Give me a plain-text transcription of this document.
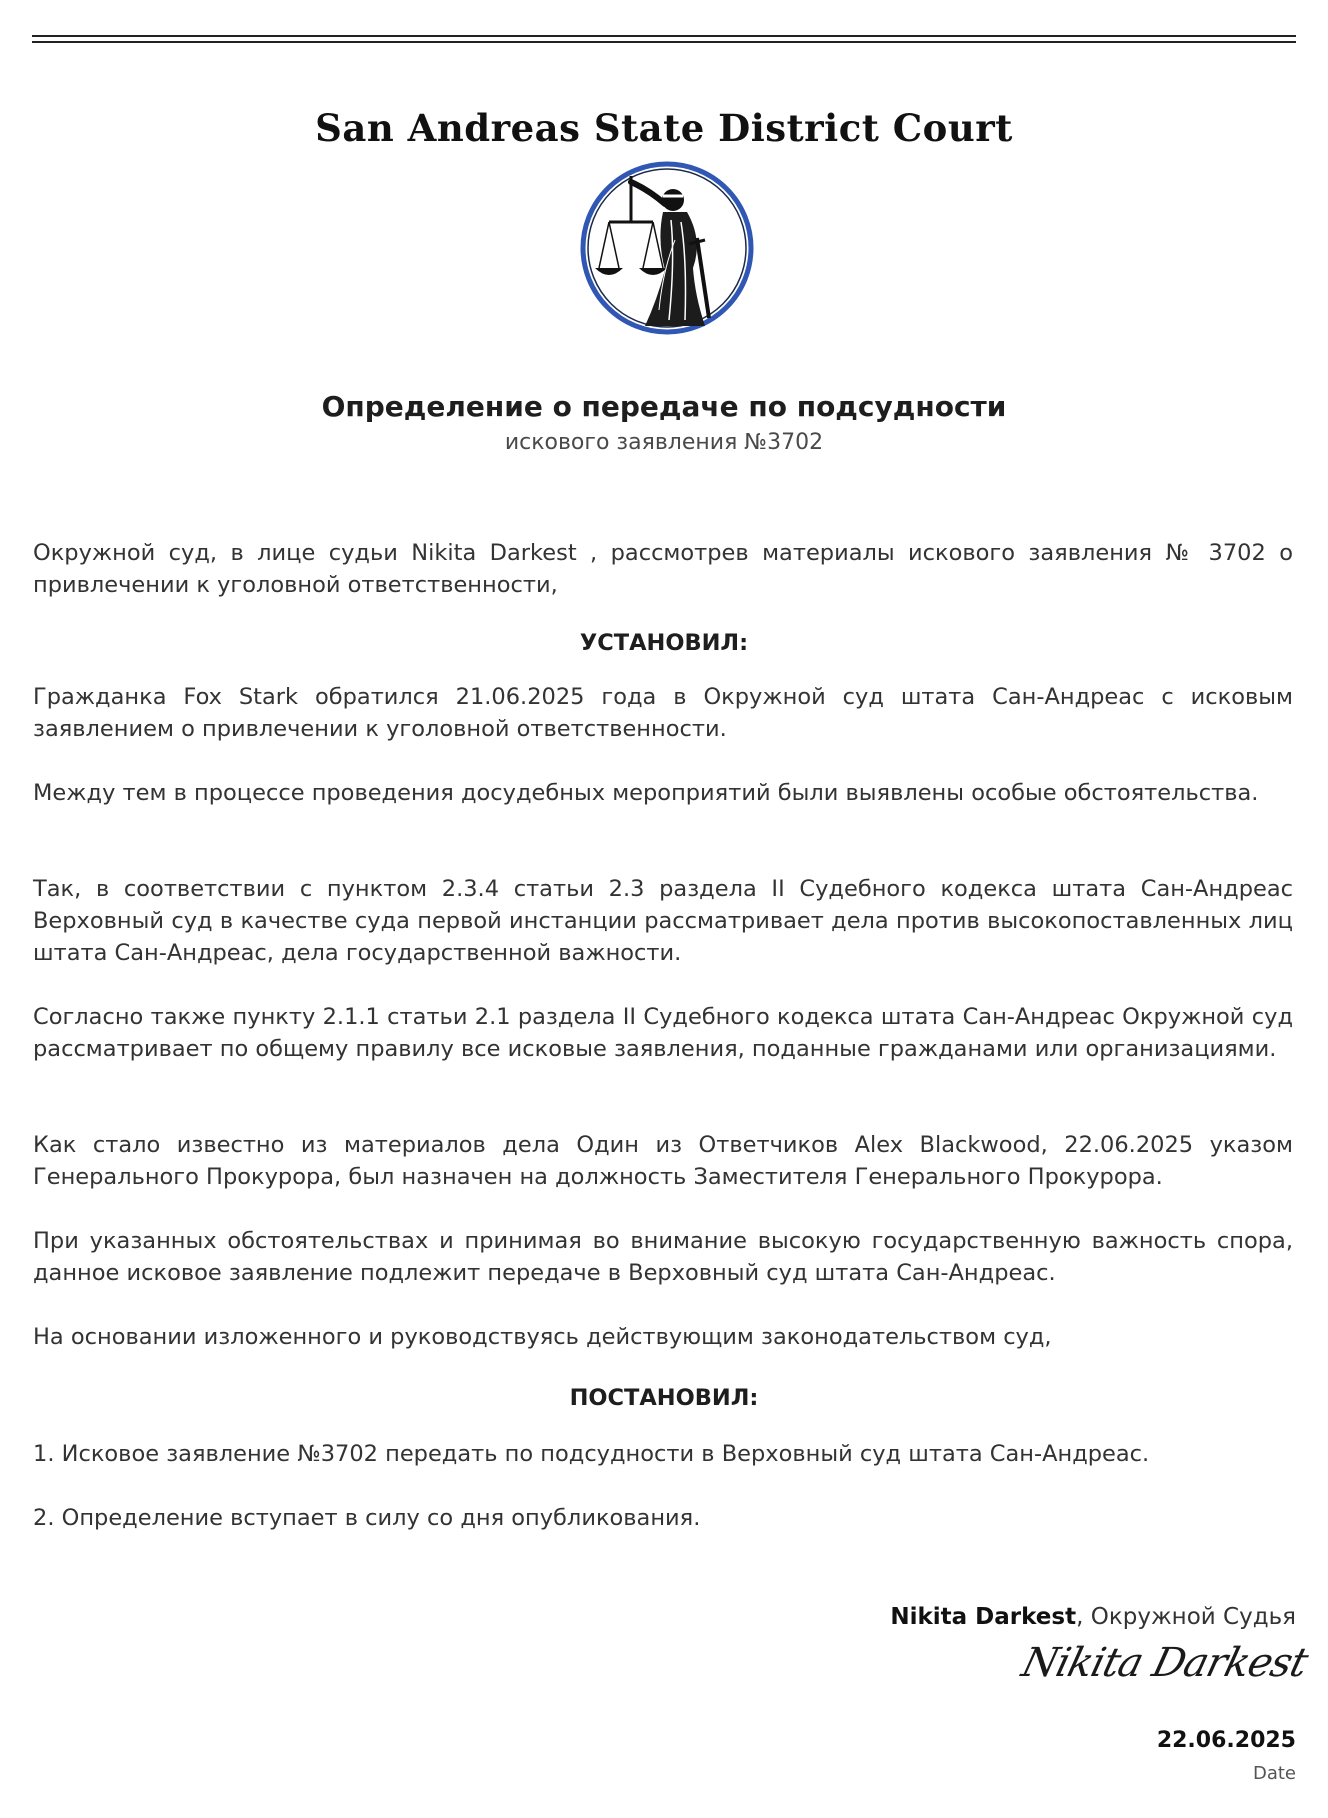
San Andreas State District Court
Определение о передаче по подсудности
искового заявления №3702

Окружной суд, в лице судьи Nikita Darkest , рассмотрев материалы искового заявления № 3702 о привлечении к уголовной ответственности,

УСТАНОВИЛ:

Гражданка Fox Stark обратился 21.06.2025 года в Окружной суд штата Сан-Андреас с исковым заявлением о привлечении к уголовной ответственности.

Между тем в процессе проведения досудебных мероприятий были выявлены особые обстоятельства.

Так, в соответствии с пунктом 2.3.4 статьи 2.3 раздела II Судебного кодекса штата Сан-Андреас Верховный суд в качестве суда первой инстанции рассматривает дела против высокопоставленных лиц штата Сан-Андреас, дела государственной важности.

Согласно также пункту 2.1.1 статьи 2.1 раздела II Судебного кодекса штата Сан-Андреас Окружной суд рассматривает по общему правилу все исковые заявления, поданные гражданами или организациями.

Как стало известно из материалов дела Один из Ответчиков Alex Blackwood, 22.06.2025 указом Генерального Прокурора, был назначен на должность Заместителя Генерального Прокурора.

При указанных обстоятельствах и принимая во внимание высокую государственную важность спора, данное исковое заявление подлежит передаче в Верховный суд штата Сан-Андреас.

На основании изложенного и руководствуясь действующим законодательством суд,

ПОСТАНОВИЛ:

1. Исковое заявление №3702 передать по подсудности в Верховный суд штата Сан-Андреас.

2. Определение вступает в силу со дня опубликования.

Nikita Darkest, Окружной Судья
Nikita Darkest
22.06.2025
Date
